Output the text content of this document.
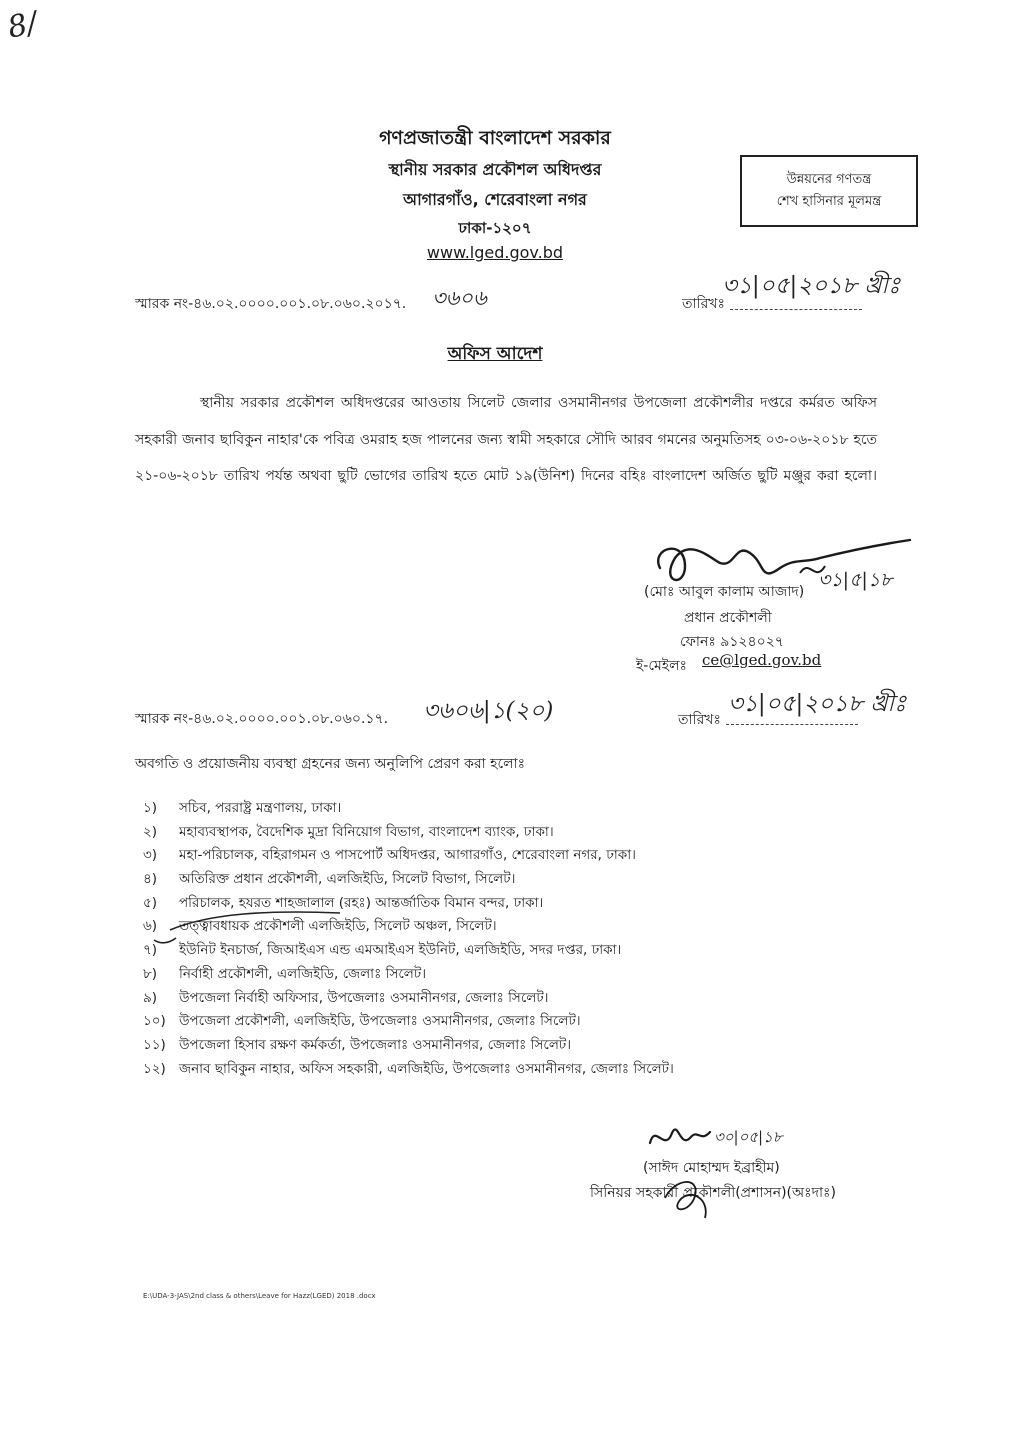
8/
গণপ্রজাতন্ত্রী বাংলাদেশ সরকার
স্থানীয় সরকার প্রকৌশল অধিদপ্তর
আগারগাঁও, শেরেবাংলা নগর
ঢাকা-১২০৭
www.lged.gov.bd
উন্নয়নের গণতন্ত্র
শেখ হাসিনার মূলমন্ত্র
স্মারক নং-৪৬.০২.০০০০.০০১.০৮.০৬০.২০১৭. ৩৬০৬	তারিখঃ
৩১|০৫|২০১৮ খ্রীঃ
অফিস আদেশ
স্থানীয় সরকার প্রকৌশল অধিদপ্তরের আওতায় সিলেট জেলার ওসমানীনগর উপজেলা প্রকৌশলীর দপ্তরে কর্মরত অফিস সহকারী জনাব ছাবিকুন নাহার'কে পবিত্র ওমরাহ হজ পালনের জন্য স্বামী সহকারে সৌদি আরব গমনের অনুমতিসহ ০৩-০৬-২০১৮ হতে ২১-০৬-২০১৮ তারিখ পর্যন্ত অথবা ছুটি ভোগের তারিখ হতে মোট ১৯(উনিশ) দিনের বহিঃ বাংলাদেশ অর্জিত ছুটি মঞ্জুর করা হলো।
৩১|৫|১৮
(মোঃ আবুল কালাম আজাদ)
প্রধান প্রকৌশলী
ফোনঃ ৯১২৪০২৭
ই-মেইলঃ ce@lged.gov.bd
স্মারক নং-৪৬.০২.০০০০.০০১.০৮.০৬০.১৭. ৩৬০৬|১(২০)	তারিখঃ
৩১|০৫|২০১৮ খ্রীঃ
অবগতি ও প্রয়োজনীয় ব্যবস্থা গ্রহনের জন্য অনুলিপি প্রেরণ করা হলোঃ
১) সচিব, পররাষ্ট্র মন্ত্রণালয়, ঢাকা।
২) মহাব্যবস্থাপক, বৈদেশিক মুদ্রা বিনিয়োগ বিভাগ, বাংলাদেশ ব্যাংক, ঢাকা।
৩) মহা-পরিচালক, বহিরাগমন ও পাসপোর্ট অধিদপ্তর, আগারগাঁও, শেরেবাংলা নগর, ঢাকা।
৪) অতিরিক্ত প্রধান প্রকৌশলী, এলজিইডি, সিলেট বিভাগ, সিলেট।
৫) পরিচালক, হযরত শাহজালাল (রহঃ) আন্তর্জাতিক বিমান বন্দর, ঢাকা।
৬) তত্ত্বাবধায়ক প্রকৌশলী এলজিইডি, সিলেট অঞ্চল, সিলেট।
৭) ইউনিট ইনচার্জ, জিআইএস এন্ড এমআইএস ইউনিট, এলজিইডি, সদর দপ্তর, ঢাকা।
৮) নির্বাহী প্রকৌশলী, এলজিইডি, জেলাঃ সিলেট।
৯) উপজেলা নির্বাহী অফিসার, উপজেলাঃ ওসমানীনগর, জেলাঃ সিলেট।
১০) উপজেলা প্রকৌশলী, এলজিইডি, উপজেলাঃ ওসমানীনগর, জেলাঃ সিলেট।
১১) উপজেলা হিসাব রক্ষণ কর্মকর্তা, উপজেলাঃ ওসমানীনগর, জেলাঃ সিলেট।
১২) জনাব ছাবিকুন নাহার, অফিস সহকারী, এলজিইডি, উপজেলাঃ ওসমানীনগর, জেলাঃ সিলেট।
৩০|০৫|১৮
(সাঈদ মোহাম্মদ ইব্রাহীম)
সিনিয়র সহকারী প্রকৌশলী(প্রশাসন)(অঃদাঃ)
E:\UDA-3-JAS\2nd class & others\Leave for Hazz(LGED) 2018 .docx
